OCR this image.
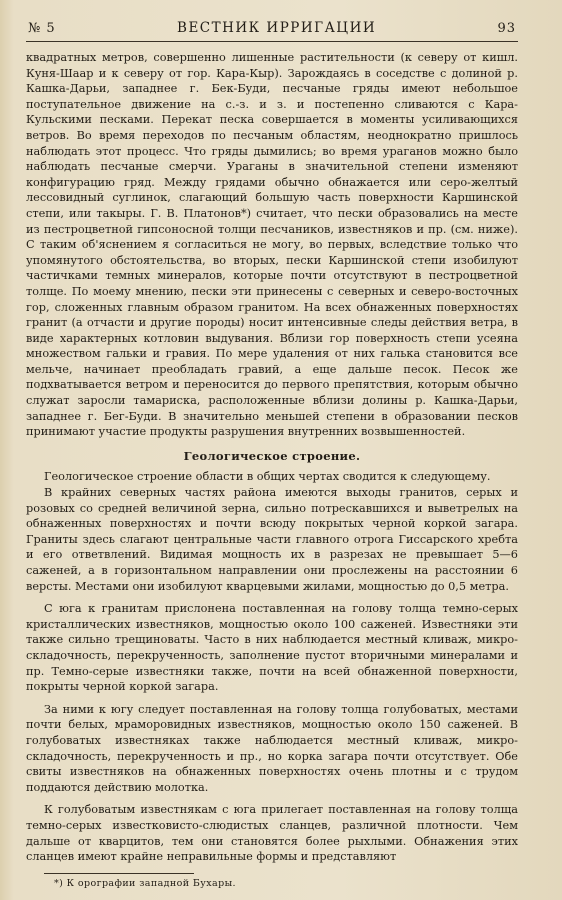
№ 5	ВЕСТНИК ИРРИГАЦИИ	93

квадратных метров, совершенно лишенные растительности (к северу от кишл. Куня-Шаар и к северу от гор. Кара-Кыр). Зарождаясь в соседстве с долиной р. Кашка-Дарьи, западнее г. Бек-Буди, песчаные гряды имеют небольшое поступательное движение на с.-з. и з. и постепенно сливаются с Кара-Кульскими песками. Перекат песка совершается в моменты усиливающихся ветров. Во время переходов по песчаным областям, неоднократно пришлось наблюдать этот процесс. Что гряды дымились; во время ураганов можно было наблюдать песчаные смерчи. Ураганы в значительной степени изменяют конфигурацию гряд. Между грядами обычно обнажается или серо-желтый лессовидный суглинок, слагающий большую часть поверхности Каршинской степи, или такыры. Г. В. Платонов*) считает, что пески образовались на месте из пестроцветной гипсоносной толщи песчаников, известняков и пр. (см. ниже). С таким об'яснением я согласиться не могу, во первых, вследствие только что упомянутого обстоятельства, во вторых, пески Каршинской степи изобилуют частичками темных минералов, которые почти отсутствуют в пестроцветной толще. По моему мнению, пески эти принесены с северных и северо-восточных гор, сложенных главным образом гранитом. На всех обнаженных поверхностях гранит (а отчасти и другие породы) носит интенсивные следы действия ветра, в виде характерных котловин выдувания. Вблизи гор поверхность степи усеяна множеством гальки и гравия. По мере удаления от них галька становится все мельче, начинает преобладать гравий, а еще дальше песок. Песок же подхватывается ветром и переносится до первого препятствия, которым обычно служат заросли тамариска, расположенные вблизи долины р. Кашка-Дарьи, западнее г. Бег-Буди. В значительно меньшей степени в образовании песков принимают участие продукты разрушения внутренних возвышенностей.

Геологическое строение.

Геологическое строение области в общих чертах сводится к следующему.

В крайних северных частях района имеются выходы гранитов, серых и розовых со средней величиной зерна, сильно потрескавшихся и выветрелых на обнаженных поверхностях и почти всюду покрытых черной коркой загара. Граниты здесь слагают центральные части главного отрога Гиссарского хребта и его ответвлений. Видимая мощность их в разрезах не превышает 5—6 саженей, а в горизонтальном направлении они прослежены на расстоянии 6 версты. Местами они изобилуют кварцевыми жилами, мощностью до 0,5 метра.

С юга к гранитам прислонена поставленная на голову толща темно-серых кристаллических известняков, мощностью около 100 саженей. Известняки эти также сильно трещиноваты. Часто в них наблюдается местный кливаж, микро-складочность, перекрученность, заполнение пустот вторичными минералами и пр. Темно-серые известняки также, почти на всей обнаженной поверхности, покрыты черной коркой загара.

За ними к югу следует поставленная на голову толща голубоватых, местами почти белых, мраморовидных известняков, мощностью около 150 саженей. В голубоватых известняках также наблюдается местный кливаж, микро-складочность, перекрученность и пр., но корка загара почти отсутствует. Обе свиты известняков на обнаженных поверхностях очень плотны и с трудом поддаются действию молотка.

К голубоватым известнякам с юга прилегает поставленная на голову толща темно-серых известковисто-слюдистых сланцев, различной плотности. Чем дальше от кварцитов, тем они становятся более рыхлыми. Обнажения этих сланцев имеют крайне неправильные формы и представляют

*) К орографии западной Бухары.
